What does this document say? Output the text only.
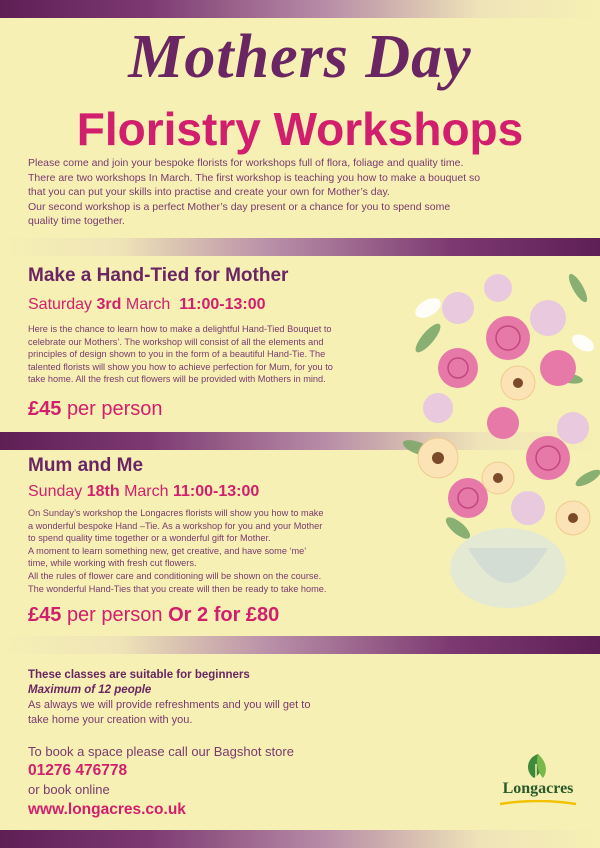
Mothers Day
Floristry Workshops

Please come and join your bespoke florists for workshops full of flora, foliage and quality time.

There are two workshops In March. The first workshop is teaching you how to make a bouquet so

that you can put your skills into practise and create your own for Mother’s day.

Our second workshop is a perfect Mother’s day present or a chance for you to spend some

quality time together.

Make a Hand-Tied for Mother
Saturday 3rd March 11:00-13:00

Here is the chance to learn how to make a delightful Hand-Tied Bouquet to

celebrate our Mothers’. The workshop will consist of all the elements and

principles of design shown to you in the form of a beautiful Hand-Tie. The

talented florists will show you how to achieve perfection for Mum, for you to

take home. All the fresh cut flowers will be provided with Mothers in mind.

£45 per person
Mum and Me
Sunday 18th March 11:00-13:00

On Sunday’s workshop the Longacres florists will show you how to make

a wonderful bespoke Hand –Tie. As a workshop for you and your Mother

to spend quality time together or a wonderful gift for Mother.

A moment to learn something new, get creative, and have some ‘me’

time, while working with fresh cut flowers.

All the rules of flower care and conditioning will be shown on the course.

The wonderful Hand-Ties that you create will then be ready to take home.

£45 per person Or 2 for £80
These classes are suitable for beginners
Maximum of 12 people
As always we will provide refreshments and you will get to
take home your creation with you.
To book a space please call our Bagshot store
01276 476778
or book online
www.longacres.co.uk
Longacres
